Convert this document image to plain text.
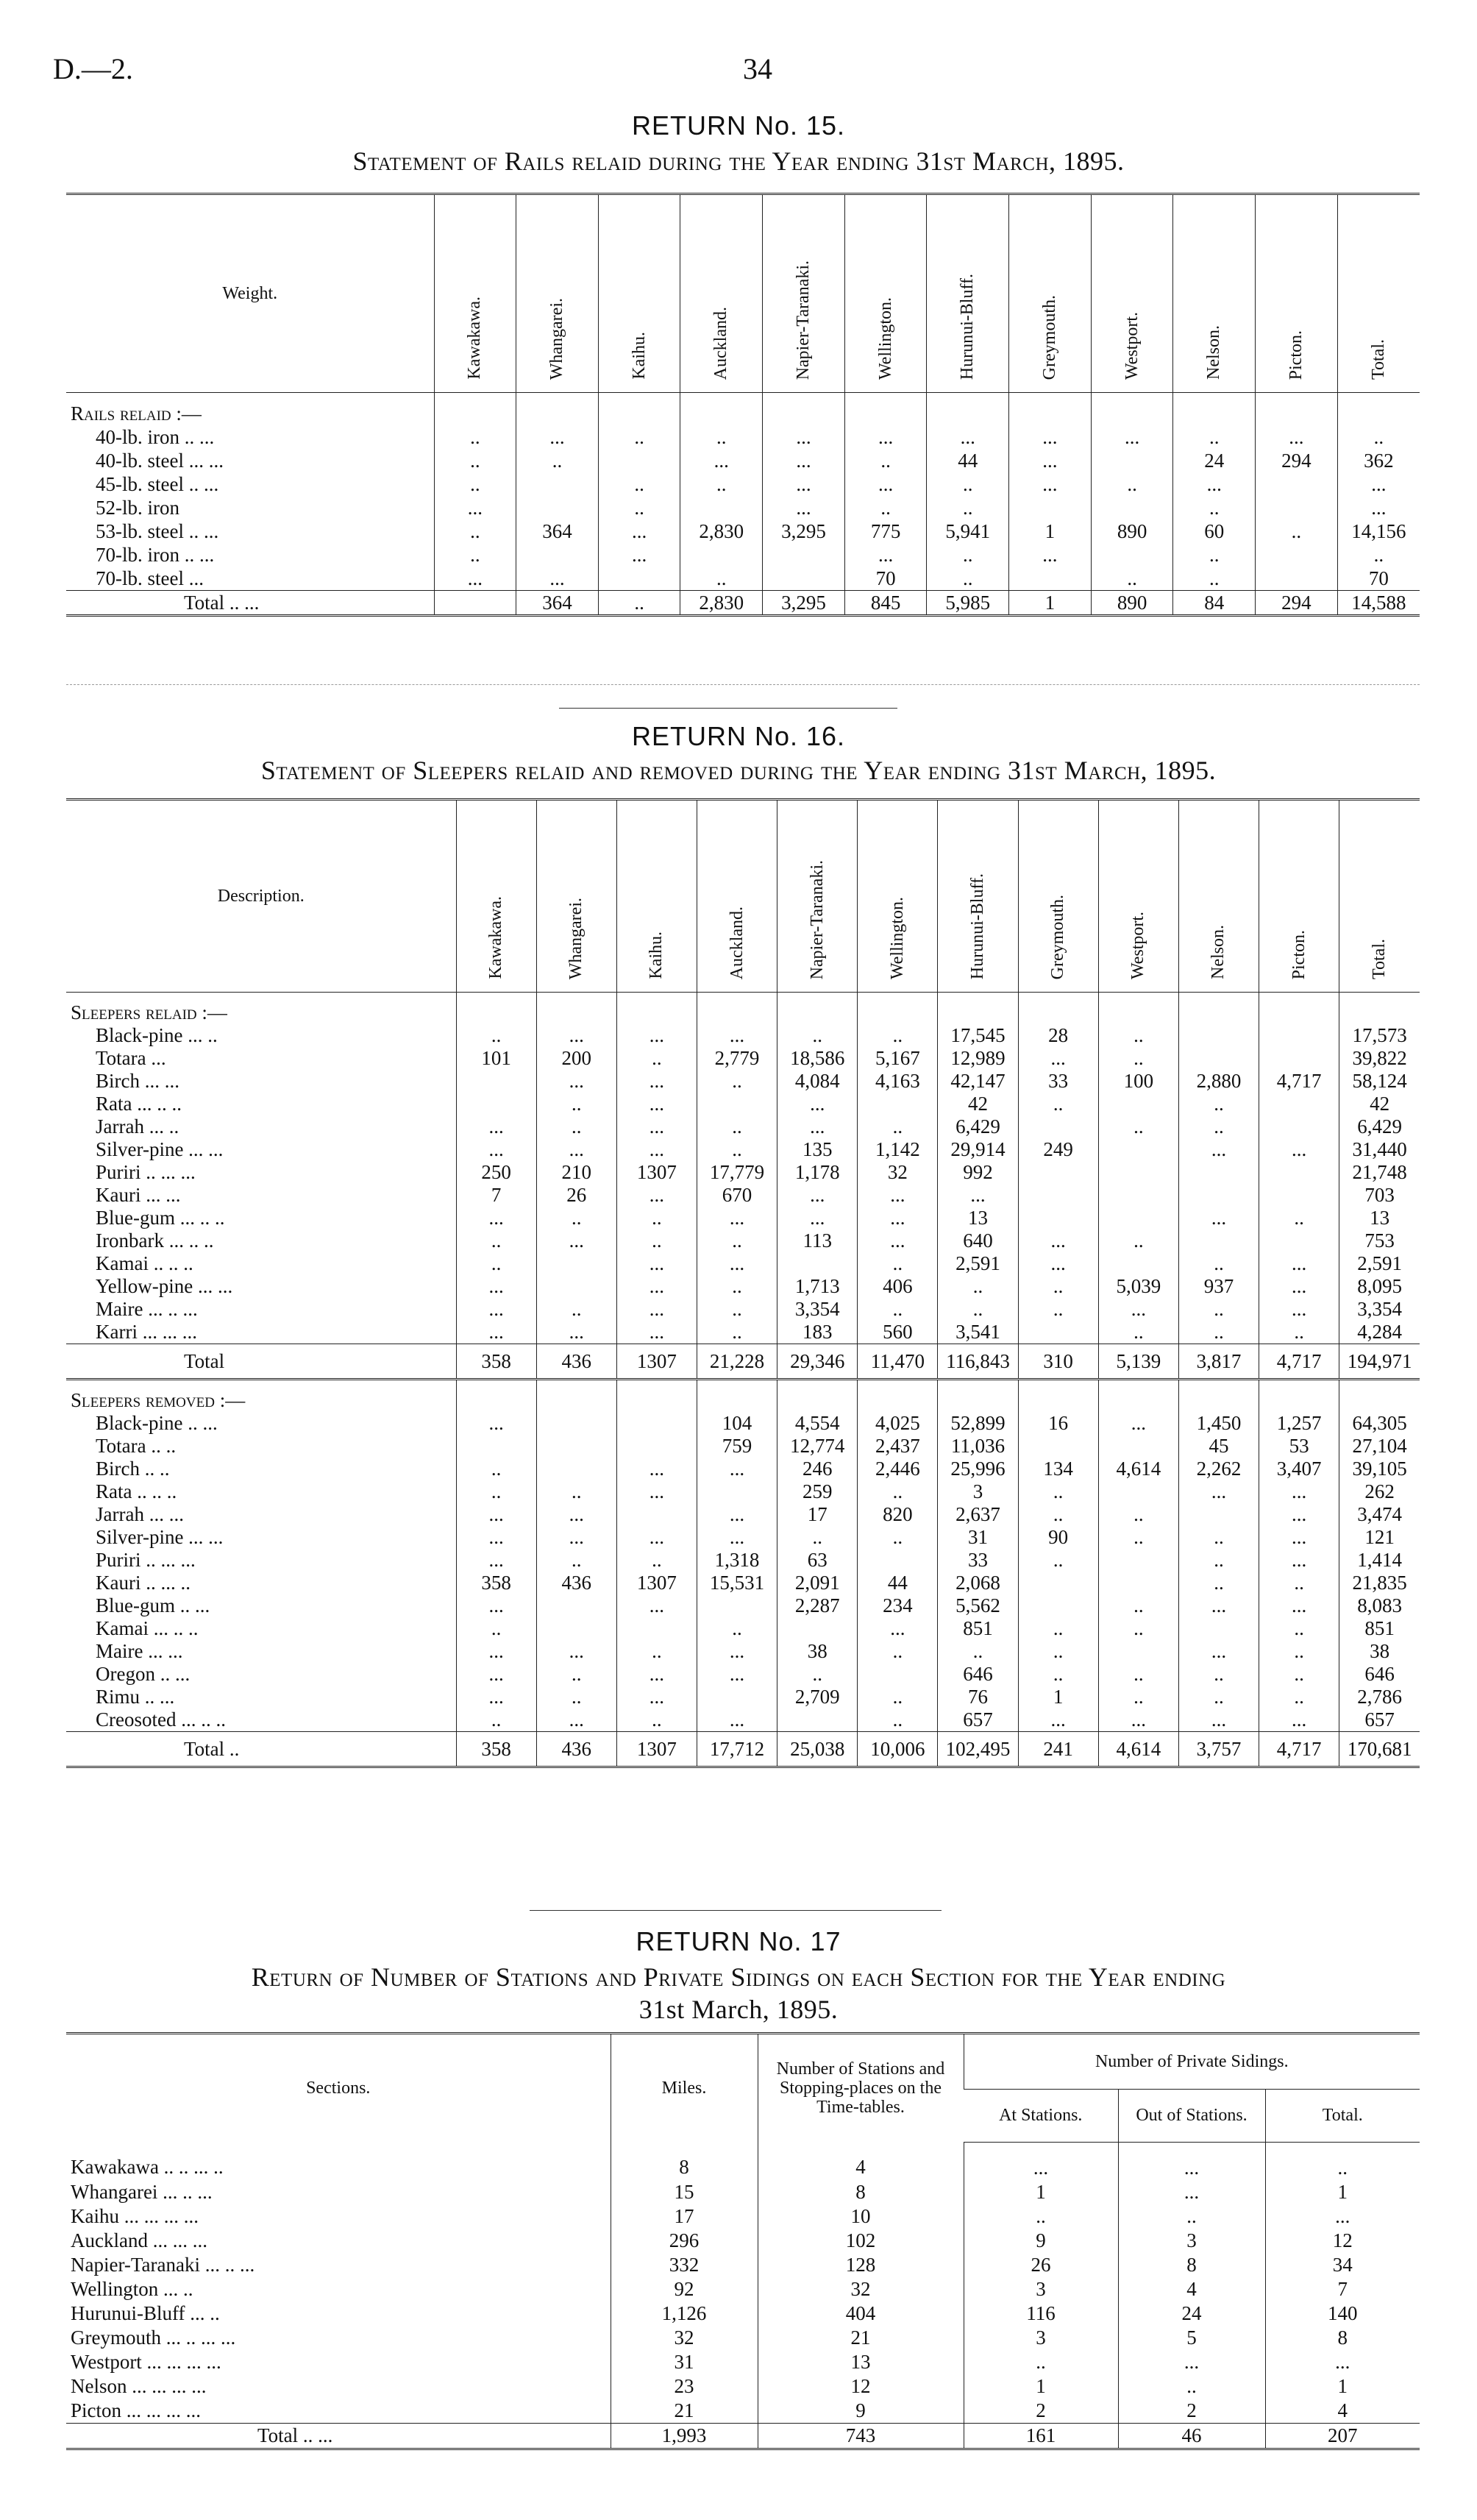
D.—2.	34
RETURN No. 15.
Statement of Rails relaid during the Year ending 31st March, 1895.
Weight.	Kawakawa.	Whangarei.	Kaihu.	Auckland.	Napier-Taranaki.	Wellington.	Hurunui-Bluff.	Greymouth.	Westport.	Nelson.	Picton.	Total.
Rails relaid :—												
40-lb. iron .. ...	..	...	..	..	...	...	...	...	...	..	...	..
40-lb. steel ... ...	..	..		...	...	..	44	...		24	294	362
45-lb. steel .. ...	..		..	..	...	...	..	...	..	...		...
52-lb. iron	...		..		...	..	..			..		...
53-lb. steel .. ...	..	364	...	2,830	3,295	775	5,941	1	890	60	..	14,156
70-lb. iron .. ...	..		...			...	..	...		..		..
70-lb. steel ...	...	...		..		70	..		..	..		70
Total .. ...		364	..	2,830	3,295	845	5,985	1	890	84	294	14,588
RETURN No. 16.
Statement of Sleepers relaid and removed during the Year ending 31st March, 1895.
Description.	Kawakawa.	Whangarei.	Kaihu.	Auckland.	Napier-Taranaki.	Wellington.	Hurunui-Bluff.	Greymouth.	Westport.	Nelson.	Picton.	Total.
Sleepers relaid :—												
Black-pine ... ..	..	...	...	...	..	..	17,545	28	..			17,573
Totara ...	101	200	..	2,779	18,586	5,167	12,989	...	..			39,822
Birch ... ...		...	...	..	4,084	4,163	42,147	33	100	2,880	4,717	58,124
Rata ... .. ..		..	...		...		42	..		..		42
Jarrah ... ..	...	..	...	..	...	..	6,429		..	..		6,429
Silver-pine ... ...	...	...	...	..	135	1,142	29,914	249		...	...	31,440
Puriri .. ... ...	250	210	1307	17,779	1,178	32	992					21,748
Kauri ... ...	7	26	...	670	...	...	...					703
Blue-gum ... .. ..	...	..	..	...	...	...	13			...	..	13
Ironbark ... .. ..	..	...	..	..	113	...	640	...	..			753
Kamai .. .. ..	..		...	...		..	2,591	...		..	...	2,591
Yellow-pine ... ...	...		...	..	1,713	406	..	..	5,039	937	...	8,095
Maire ... .. ...	...	..	...	..	3,354	..	..	..	...	..	...	3,354
Karri ... ... ...	...	...	...	..	183	560	3,541		..	..	..	4,284
Total	358	436	1307	21,228	29,346	11,470	116,843	310	5,139	3,817	4,717	194,971
Sleepers removed :—												
Black-pine .. ...	...			104	4,554	4,025	52,899	16	...	1,450	1,257	64,305
Totara .. ..				759	12,774	2,437	11,036			45	53	27,104
Birch .. ..	..		...	...	246	2,446	25,996	134	4,614	2,262	3,407	39,105
Rata .. .. ..	..	..	...		259	..	3	..		...	...	262
Jarrah ... ...	...	...		...	17	820	2,637	..	..		...	3,474
Silver-pine ... ...	...	...	...	...	..	..	31	90	..	..	...	121
Puriri .. ... ...	...	..	..	1,318	63		33	..		..	...	1,414
Kauri .. ... ..	358	436	1307	15,531	2,091	44	2,068			..	..	21,835
Blue-gum .. ...	...		...		2,287	234	5,562		..	...	...	8,083
Kamai ... .. ..	..			..		...	851	..	..		..	851
Maire ... ...	...	...	..	...	38	..	..	..		...	..	38
Oregon .. ...	...	..	...	...	..		646	..	..	..	..	646
Rimu .. ...	...	..	...		2,709	..	76	1	..	..	..	2,786
Creosoted ... .. ..	..	...	..	...		..	657	...	...	...	...	657
Total ..	358	436	1307	17,712	25,038	10,006	102,495	241	4,614	3,757	4,717	170,681
RETURN No. 17
Return of Number of Stations and Private Sidings on each Section for the Year ending
31st March, 1895.
Sections.	Miles.	Number of Stations and Stopping-places on the Time-tables.	Number of Private Sidings.		
			At Stations.	Out of Stations.	Total.
Kawakawa .. .. ... ..	8	4	...	...	..
Whangarei ... .. ...	15	8	1	...	1
Kaihu ... ... ... ...	17	10	..	..	...
Auckland ... ... ...	296	102	9	3	12
Napier-Taranaki ... .. ...	332	128	26	8	34
Wellington ... ..	92	32	3	4	7
Hurunui-Bluff ... ..	1,126	404	116	24	140
Greymouth ... .. ... ...	32	21	3	5	8
Westport ... ... ... ...	31	13	..	...	...
Nelson ... ... ... ...	23	12	1	..	1
Picton ... ... ... ...	21	9	2	2	4
Total .. ...	1,993	743	161	46	207
